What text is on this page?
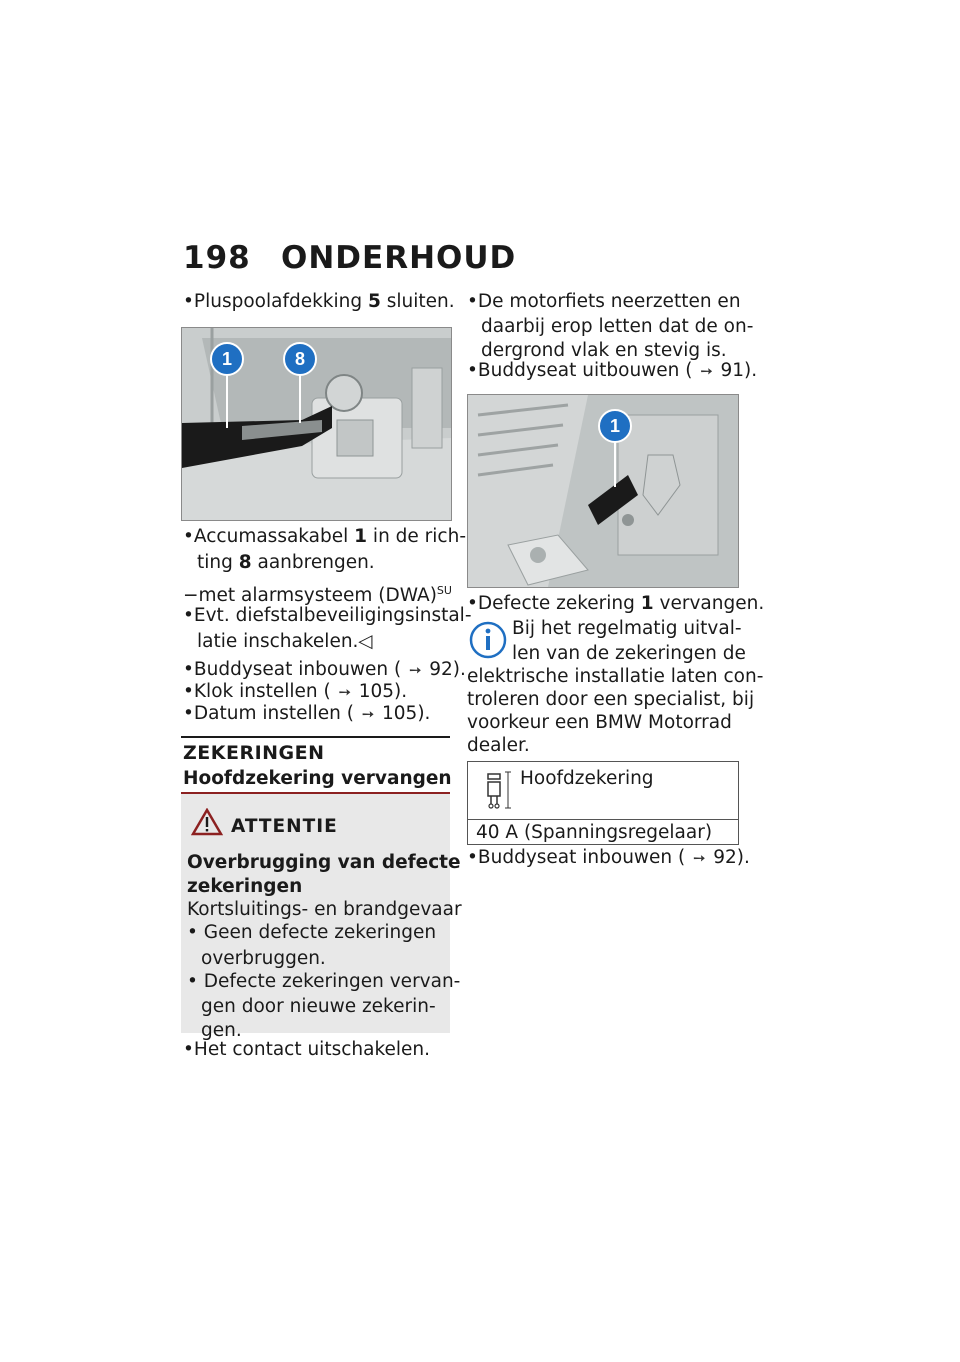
198 ONDERHOUD
• Pluspoolafdekking 5 sluiten.
1	8
• Accumassakabel 1 in de rich-
ting 8 aanbrengen.
−met alarmsysteem (DWA)$^{SU}$
• Evt. diefstalbeveiligingsinstal-
latie inschakelen.◁
• Buddyseat inbouwen ( ➙ 92).
• Klok instellen ( ➙ 105).
• Datum instellen ( ➙ 105).
ZEKERINGEN
Hoofdzekering vervangen
ATTENTIE
Overbrugging van defecte
zekeringen
Kortsluitings- en brandgevaar
• Geen defecte zekeringen
overbruggen.
• Defecte zekeringen vervan-
gen door nieuwe zekerin-
gen.
• Het contact uitschakelen.
• De motorfiets neerzetten en
daarbij erop letten dat de on-
dergrond vlak en stevig is.
• Buddyseat uitbouwen ( ➙ 91).
1
• Defecte zekering 1 vervangen.
Bij het regelmatig uitval-
len van de zekeringen de
elektrische installatie laten con-
troleren door een specialist, bij
voorkeur een BMW Motorrad
dealer.
Hoofdzekering
40 A (Spanningsregelaar)
• Buddyseat inbouwen ( ➙ 92).
